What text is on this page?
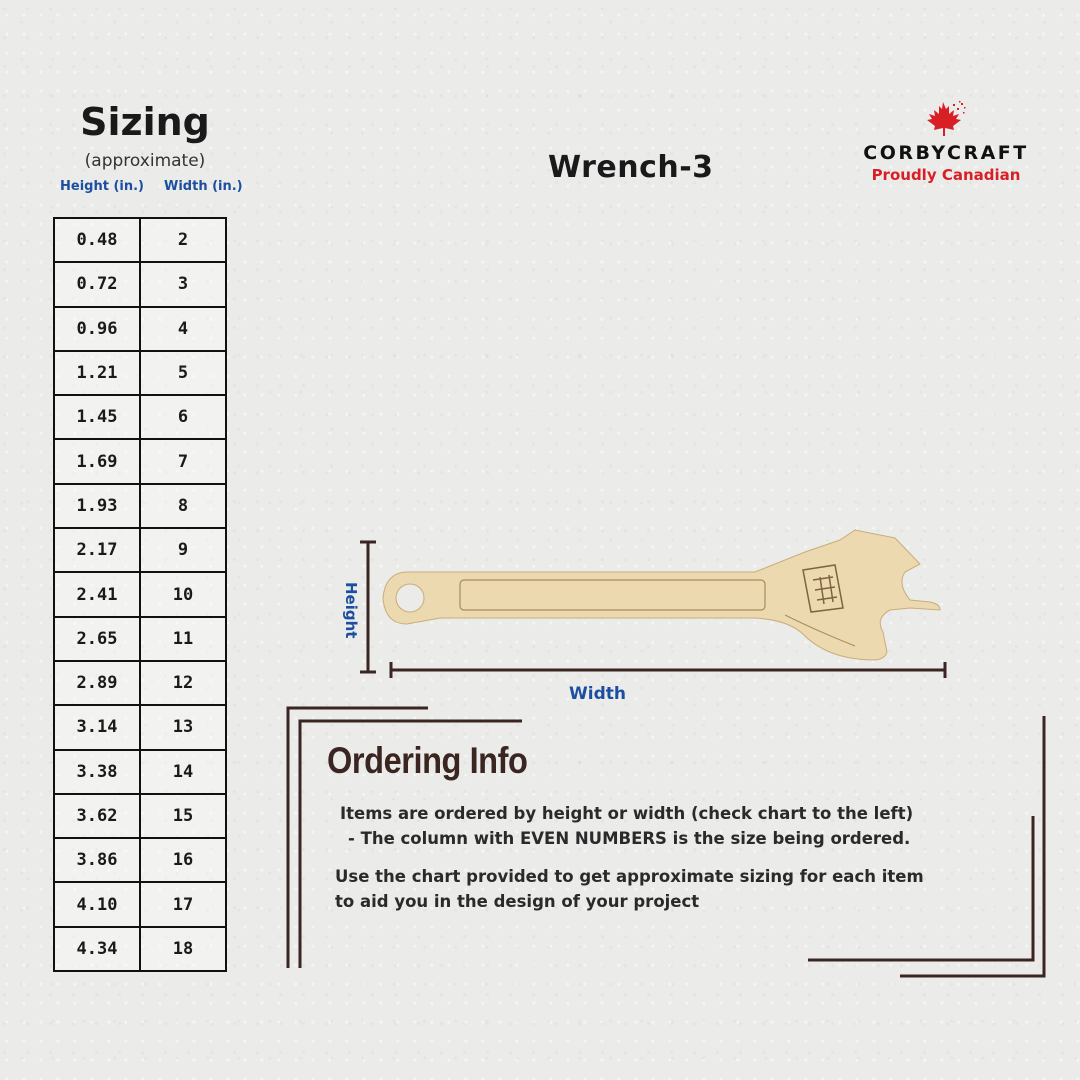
Sizing
(approximate)
Height (in.) Width (in.)
0.48	2
0.72	3
0.96	4
1.21	5
1.45	6
1.69	7
1.93	8
2.17	9
2.41	10
2.65	11
2.89	12
3.14	13
3.38	14
3.62	15
3.86	16
4.10	17
4.34	18
Wrench-3	CORBYCRAFT
Proudly Canadian
Height
Width
Ordering Info
Items are ordered by height or width (check chart to the left)
- The column with EVEN NUMBERS is the size being ordered.
Use the chart provided to get approximate sizing for each item
to aid you in the design of your project
